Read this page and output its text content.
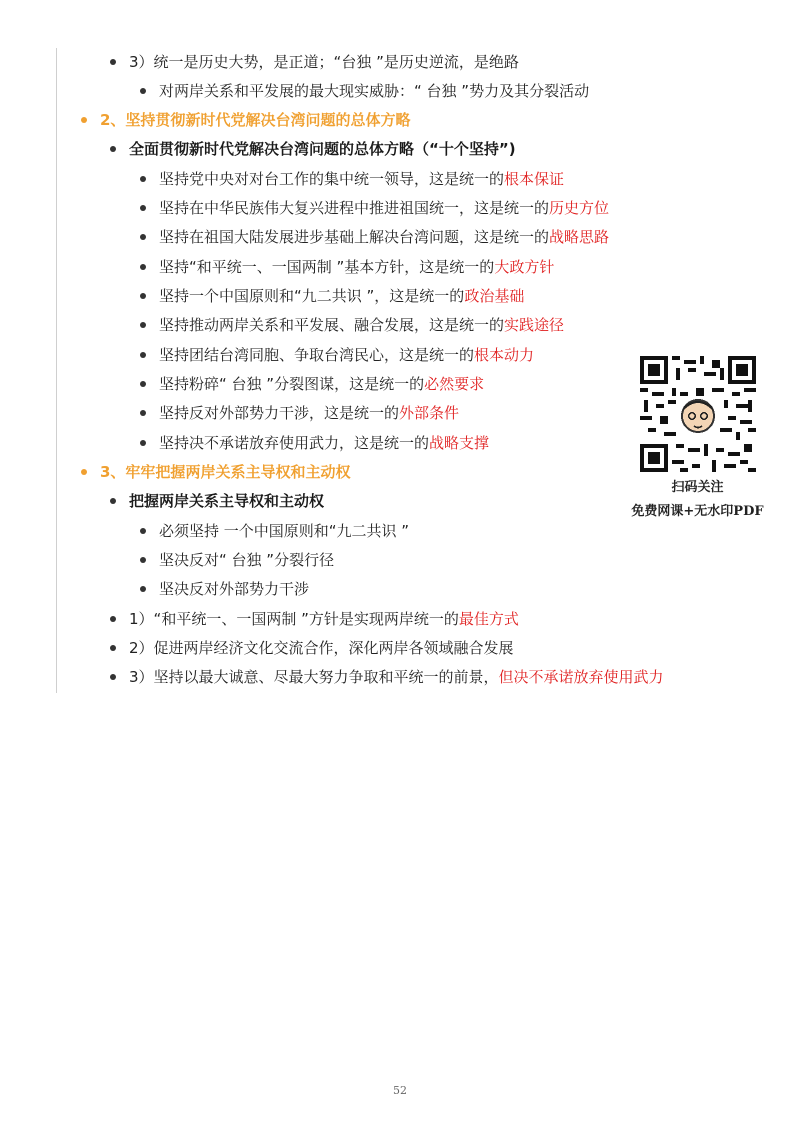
3）统一是历史大势，是正道；“台独 ”是历史逆流，是绝路
对两岸关系和平发展的最大现实威胁：“ 台独 ”势力及其分裂活动
2、坚持贯彻新时代党解决台湾问题的总体方略
全面贯彻新时代党解决台湾问题的总体方略（“十个坚持”)
坚持党中央对对台工作的集中统一领导，这是统一的根本保证
坚持在中华民族伟大复兴进程中推进祖国统一，这是统一的历史方位
坚持在祖国大陆发展进步基础上解决台湾问题，这是统一的战略思路
坚持“和平统一、一国两制 ”基本方针，这是统一的大政方针
坚持一个中国原则和“九二共识 ”，这是统一的政治基础
坚持推动两岸关系和平发展、融合发展，这是统一的实践途径
坚持团结台湾同胞、争取台湾民心，这是统一的根本动力
坚持粉碎“ 台独 ”分裂图谋，这是统一的必然要求
坚持反对外部势力干涉，这是统一的外部条件
坚持决不承诺放弃使用武力，这是统一的战略支撑
3、牢牢把握两岸关系主导权和主动权
把握两岸关系主导权和主动权
必须坚持 一个中国原则和“九二共识 ”
坚决反对“ 台独 ”分裂行径
坚决反对外部势力干涉
1）“和平统一、一国两制 ”方针是实现两岸统一的最佳方式
2）促进两岸经济文化交流合作，深化两岸各领域融合发展
3）坚持以最大诚意、尽最大努力争取和平统一的前景，但决不承诺放弃使用武力
扫码关注
免费网课+无水印PDF
52
